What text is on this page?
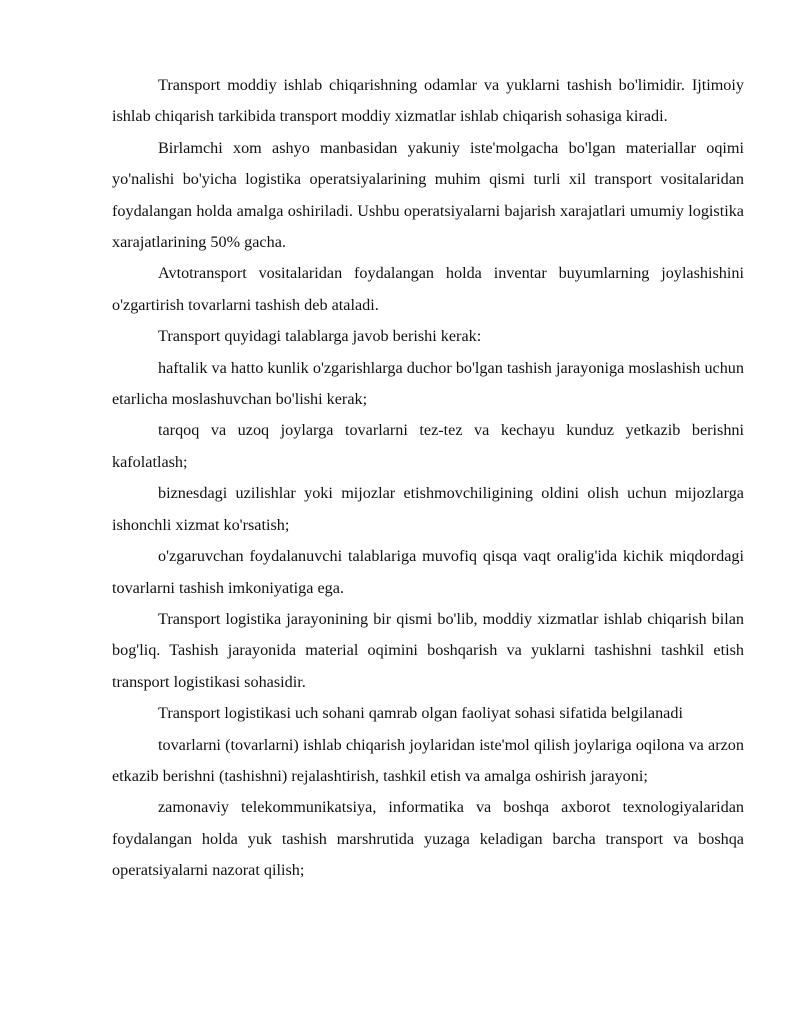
Transport moddiy ishlab chiqarishning odamlar va yuklarni tashish bo'limidir. Ijtimoiy ishlab chiqarish tarkibida transport moddiy xizmatlar ishlab chiqarish sohasiga kiradi.

Birlamchi xom ashyo manbasidan yakuniy iste'molgacha bo'lgan materiallar oqimi yo'nalishi bo'yicha logistika operatsiyalarining muhim qismi turli xil transport vositalaridan foydalangan holda amalga oshiriladi. Ushbu operatsiyalarni bajarish xarajatlari umumiy logistika xarajatlarining 50% gacha.

Avtotransport vositalaridan foydalangan holda inventar buyumlarning joylashishini o'zgartirish tovarlarni tashish deb ataladi.

Transport quyidagi talablarga javob berishi kerak:

haftalik va hatto kunlik o'zgarishlarga duchor bo'lgan tashish jarayoniga moslashish uchun etarlicha moslashuvchan bo'lishi kerak;

tarqoq va uzoq joylarga tovarlarni tez-tez va kechayu kunduz yetkazib berishni kafolatlash;

biznesdagi uzilishlar yoki mijozlar etishmovchiligining oldini olish uchun mijozlarga ishonchli xizmat ko'rsatish;

o'zgaruvchan foydalanuvchi talablariga muvofiq qisqa vaqt oralig'ida kichik miqdordagi tovarlarni tashish imkoniyatiga ega.

Transport logistika jarayonining bir qismi bo'lib, moddiy xizmatlar ishlab chiqarish bilan bog'liq. Tashish jarayonida material oqimini boshqarish va yuklarni tashishni tashkil etish transport logistikasi sohasidir.

Transport logistikasi uch sohani qamrab olgan faoliyat sohasi sifatida belgilanadi

tovarlarni (tovarlarni) ishlab chiqarish joylaridan iste'mol qilish joylariga oqilona va arzon etkazib berishni (tashishni) rejalashtirish, tashkil etish va amalga oshirish jarayoni;

zamonaviy telekommunikatsiya, informatika va boshqa axborot texnologiyalaridan foydalangan holda yuk tashish marshrutida yuzaga keladigan barcha transport va boshqa operatsiyalarni nazorat qilish;
